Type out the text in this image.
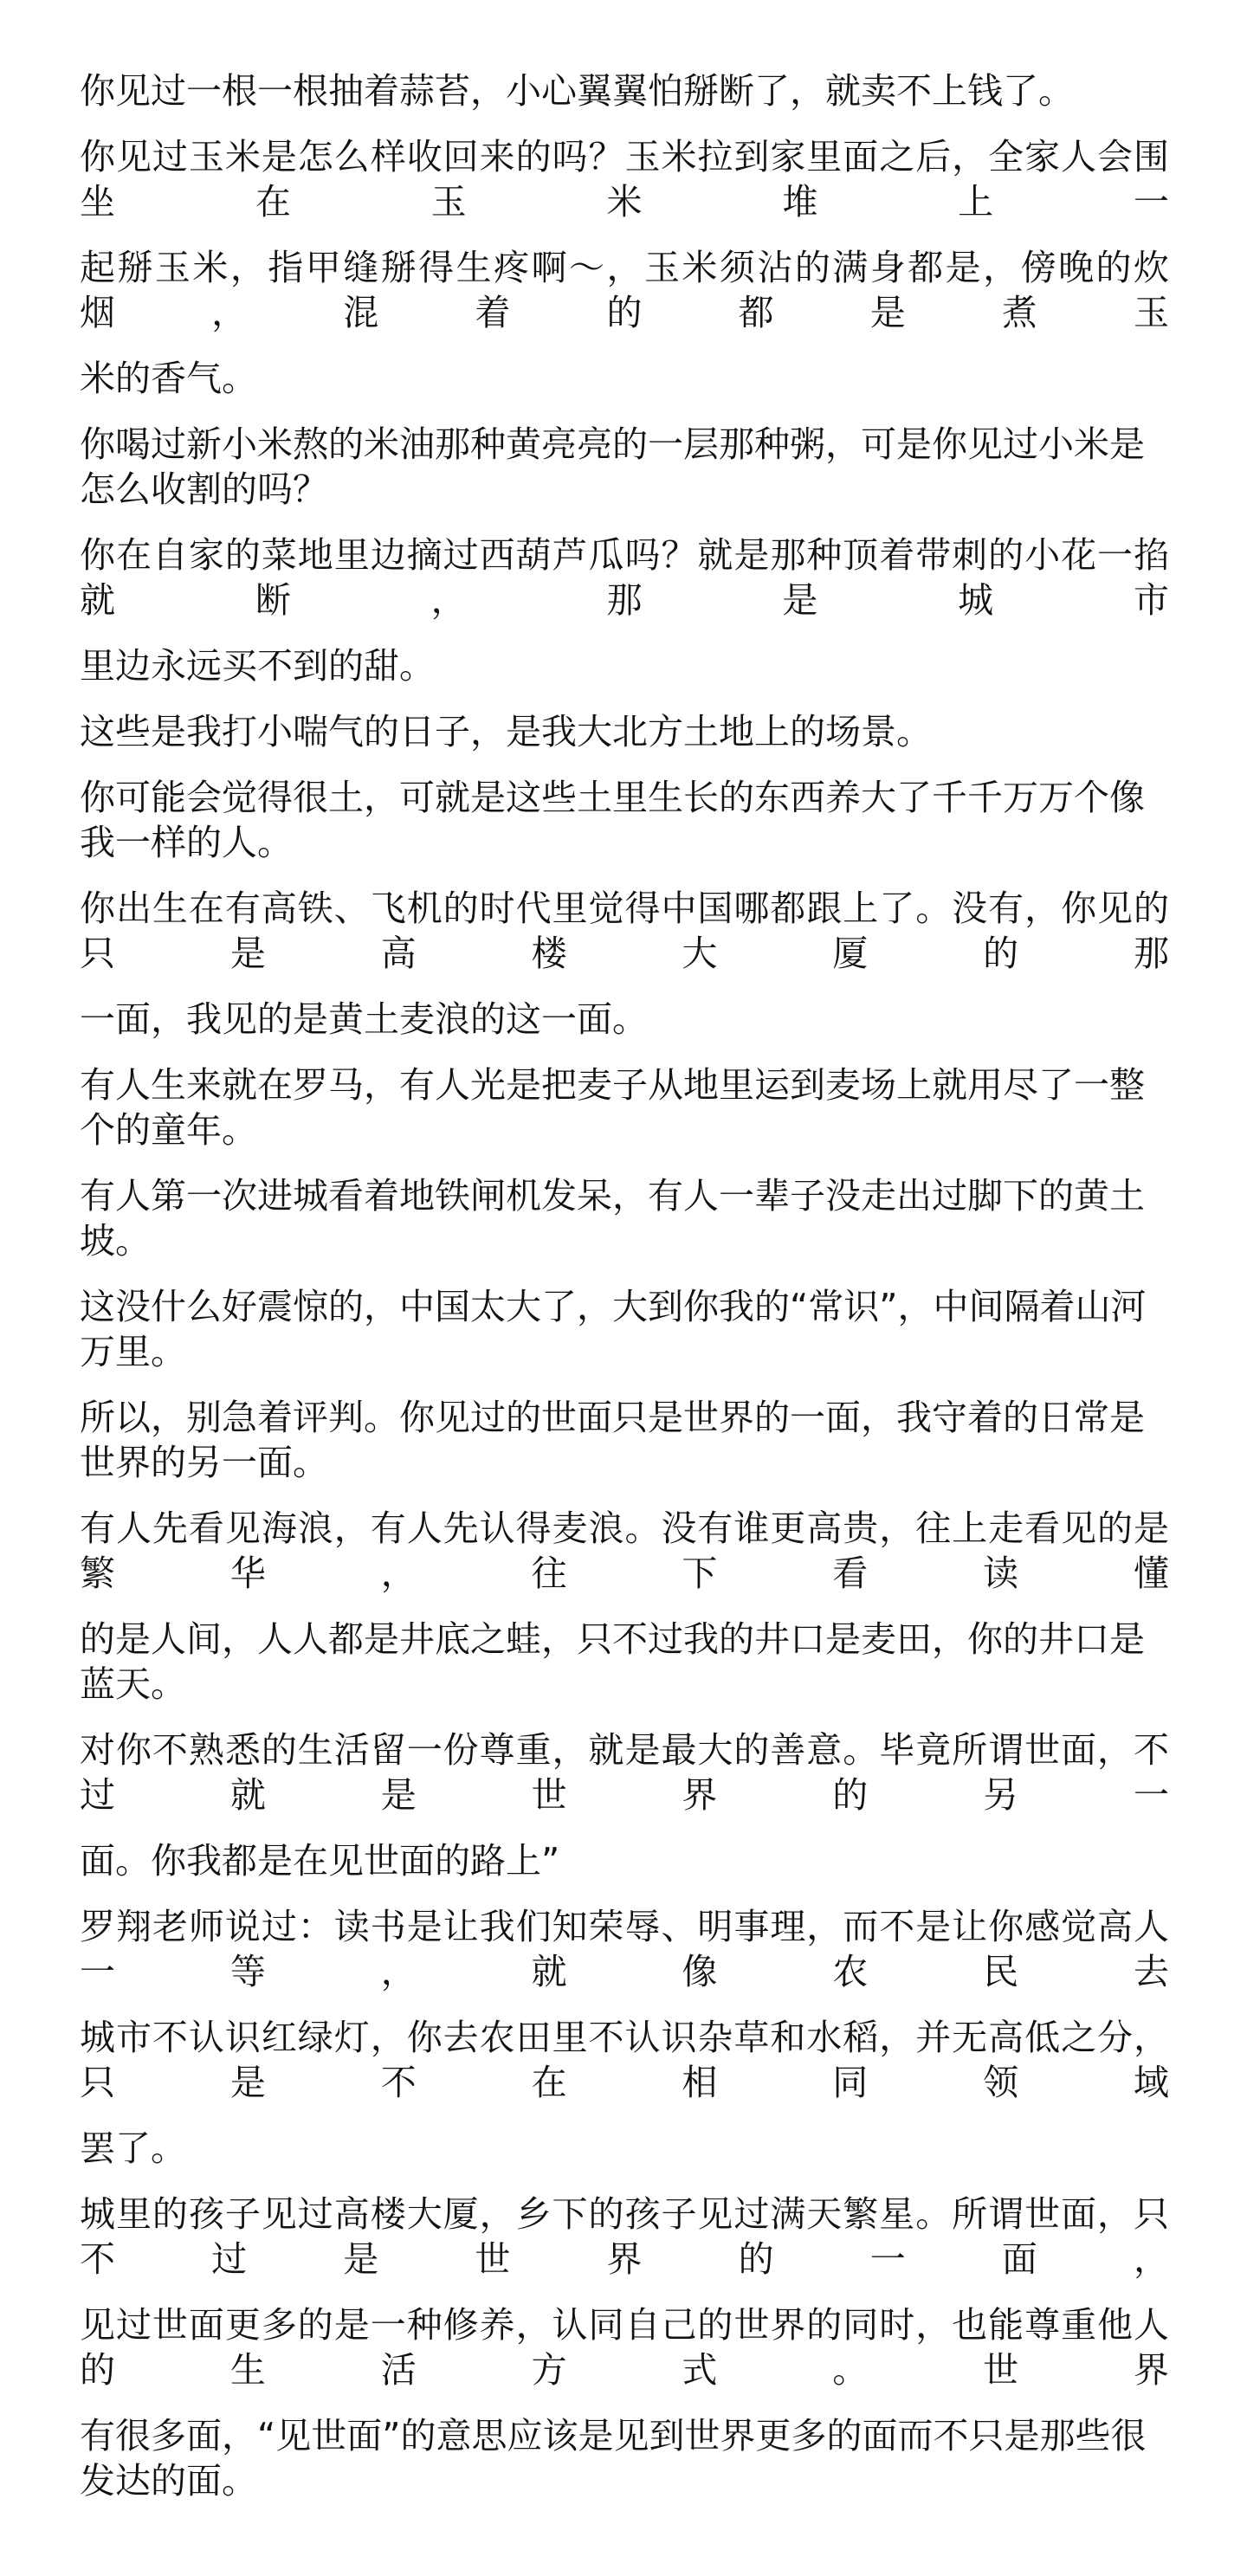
你见过一根一根抽着蒜苔，小心翼翼怕掰断了，就卖不上钱了。
你见过玉米是怎么样收回来的吗？玉米拉到家里面之后，全家人会围坐在玉米堆上一
起掰玉米，指甲缝掰得生疼啊～，玉米须沾的满身都是，傍晚的炊烟，混着的都是煮玉
米的香气。
你喝过新小米熬的米油那种黄亮亮的一层那种粥，可是你见过小米是怎么收割的吗？
你在自家的菜地里边摘过西葫芦瓜吗？就是那种顶着带刺的小花一掐就断，那是城市
里边永远买不到的甜。
这些是我打小喘气的日子，是我大北方土地上的场景。
你可能会觉得很土，可就是这些土里生长的东西养大了千千万万个像我一样的人。
你出生在有高铁、飞机的时代里觉得中国哪都跟上了。没有，你见的只是高楼大厦的那
一面，我见的是黄土麦浪的这一面。
有人生来就在罗马，有人光是把麦子从地里运到麦场上就用尽了一整个的童年。
有人第一次进城看着地铁闸机发呆，有人一辈子没走出过脚下的黄土坡。
这没什么好震惊的，中国太大了，大到你我的“常识”，中间隔着山河万里。
所以，别急着评判。你见过的世面只是世界的一面，我守着的日常是世界的另一面。
有人先看见海浪，有人先认得麦浪。没有谁更高贵，往上走看见的是繁华，往下看读懂
的是人间，人人都是井底之蛙，只不过我的井口是麦田，你的井口是蓝天。
对你不熟悉的生活留一份尊重，就是最大的善意。毕竟所谓世面，不过就是世界的另一
面。你我都是在见世面的路上”
罗翔老师说过：读书是让我们知荣辱、明事理，而不是让你感觉高人一等，就像农民去
城市不认识红绿灯，你去农田里不认识杂草和水稻，并无高低之分，只是不在相同领域
罢了。
城里的孩子见过高楼大厦，乡下的孩子见过满天繁星。所谓世面，只不过是世界的一面，
见过世面更多的是一种修养，认同自己的世界的同时，也能尊重他人的生活方式。世界
有很多面，“见世面”的意思应该是见到世界更多的面而不只是那些很发达的面。
